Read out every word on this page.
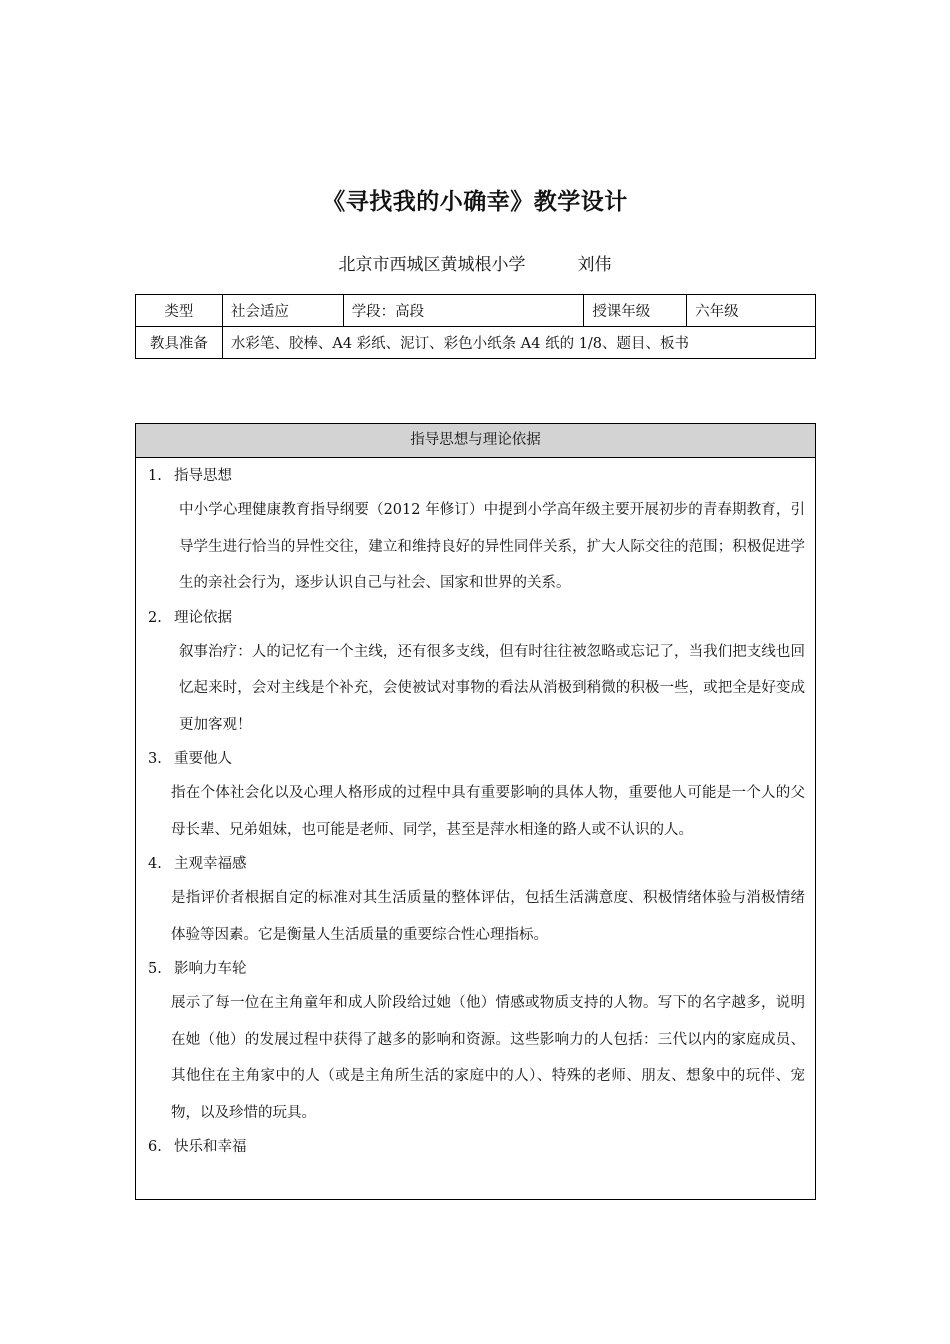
《寻找我的小确幸》教学设计
北京市西城区黄城根小学	刘伟
类型	社会适应	学段：高段	授课年级	六年级
教具准备	水彩笔、胶棒、A4 彩纸、泥订、彩色小纸条 A4 纸的 1/8、题目、板书			
指导思想与理论依据
1. 指导思想

中小学心理健康教育指导纲要（2012 年修订）中提到小学高年级主要开展初步的青春期教育，引导学生进行恰当的异性交往，建立和维持良好的异性同伴关系，扩大人际交往的范围；积极促进学生的亲社会行为，逐步认识自己与社会、国家和世界的关系。

2. 理论依据

叙事治疗：人的记忆有一个主线，还有很多支线，但有时往往被忽略或忘记了，当我们把支线也回忆起来时，会对主线是个补充，会使被试对事物的看法从消极到稍微的积极一些，或把全是好变成更加客观！

3. 重要他人

指在个体社会化以及心理人格形成的过程中具有重要影响的具体人物，重要他人可能是一个人的父母长辈、兄弟姐妹，也可能是老师、同学，甚至是萍水相逢的路人或不认识的人。

4. 主观幸福感

是指评价者根据自定的标准对其生活质量的整体评估，包括生活满意度、积极情绪体验与消极情绪体验等因素。它是衡量人生活质量的重要综合性心理指标。

5. 影响力车轮

展示了每一位在主角童年和成人阶段给过她（他）情感或物质支持的人物。写下的名字越多，说明在她（他）的发展过程中获得了越多的影响和资源。这些影响力的人包括：三代以内的家庭成员、其他住在主角家中的人（或是主角所生活的家庭中的人）、特殊的老师、朋友、想象中的玩伴、宠物，以及珍惜的玩具。

6. 快乐和幸福
